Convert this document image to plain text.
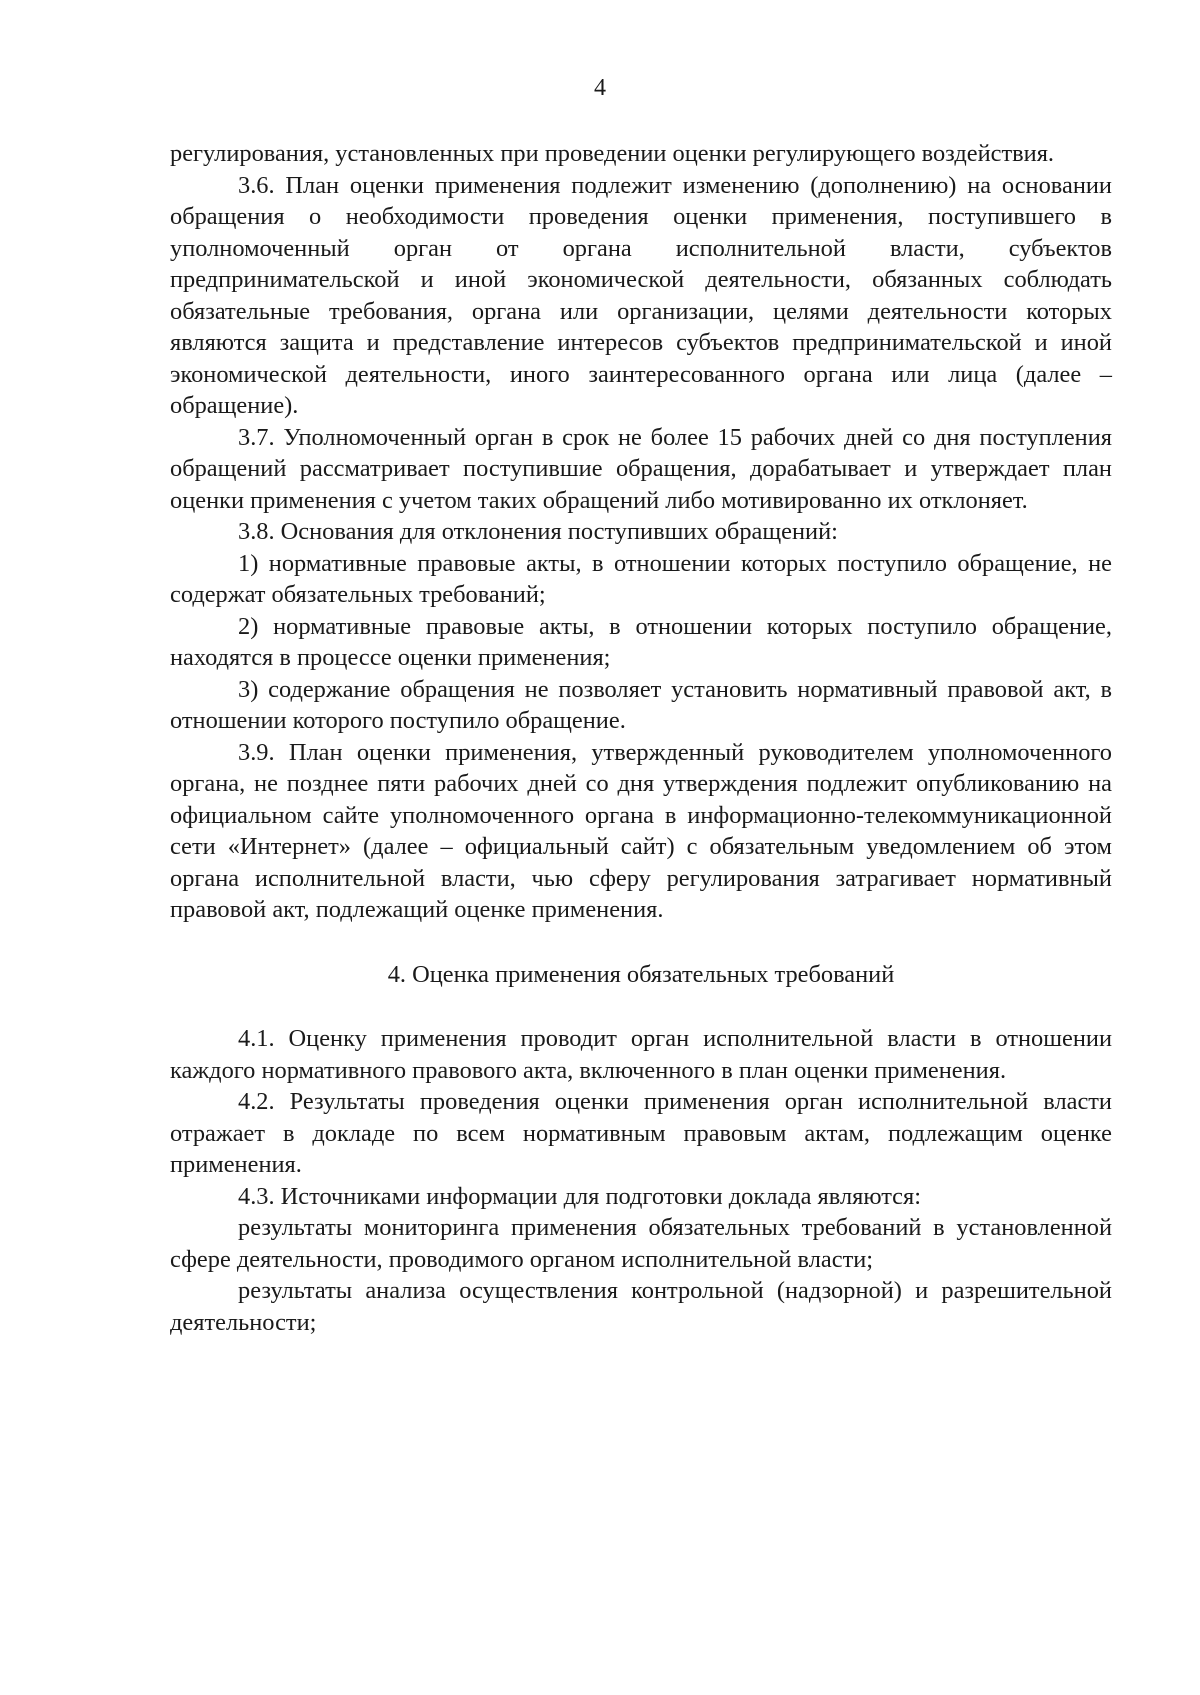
4

регулирования, установленных при проведении оценки регулирующего воздействия.

3.6. План оценки применения подлежит изменению (дополнению) на основании обращения о необходимости проведения оценки применения, поступившего в уполномоченный орган от органа исполнительной власти, субъектов предпринимательской и иной экономической деятельности, обязанных соблюдать обязательные требования, органа или организации, целями деятельности которых являются защита и представление интересов субъектов предпринимательской и иной экономической деятельности, иного заинтересованного органа или лица (далее – обращение).

3.7. Уполномоченный орган в срок не более 15 рабочих дней со дня поступления обращений рассматривает поступившие обращения, дорабатывает и утверждает план оценки применения с учетом таких обращений либо мотивированно их отклоняет.

3.8. Основания для отклонения поступивших обращений:

1) нормативные правовые акты, в отношении которых поступило обращение, не содержат обязательных требований;

2) нормативные правовые акты, в отношении которых поступило обращение, находятся в процессе оценки применения;

3) содержание обращения не позволяет установить нормативный правовой акт, в отношении которого поступило обращение.

3.9. План оценки применения, утвержденный руководителем уполномоченного органа, не позднее пяти рабочих дней со дня утверждения подлежит опубликованию на официальном сайте уполномоченного органа в информационно-телекоммуникационной сети «Интернет» (далее – официальный сайт) с обязательным уведомлением об этом органа исполнительной власти, чью сферу регулирования затрагивает нормативный правовой акт, подлежащий оценке применения.

4. Оценка применения обязательных требований

4.1. Оценку применения проводит орган исполнительной власти в отношении каждого нормативного правового акта, включенного в план оценки применения.

4.2. Результаты проведения оценки применения орган исполнительной власти отражает в докладе по всем нормативным правовым актам, подлежащим оценке применения.

4.3. Источниками информации для подготовки доклада являются:

результаты мониторинга применения обязательных требований в установленной сфере деятельности, проводимого органом исполнительной власти;

результаты анализа осуществления контрольной (надзорной) и разрешительной деятельности;
